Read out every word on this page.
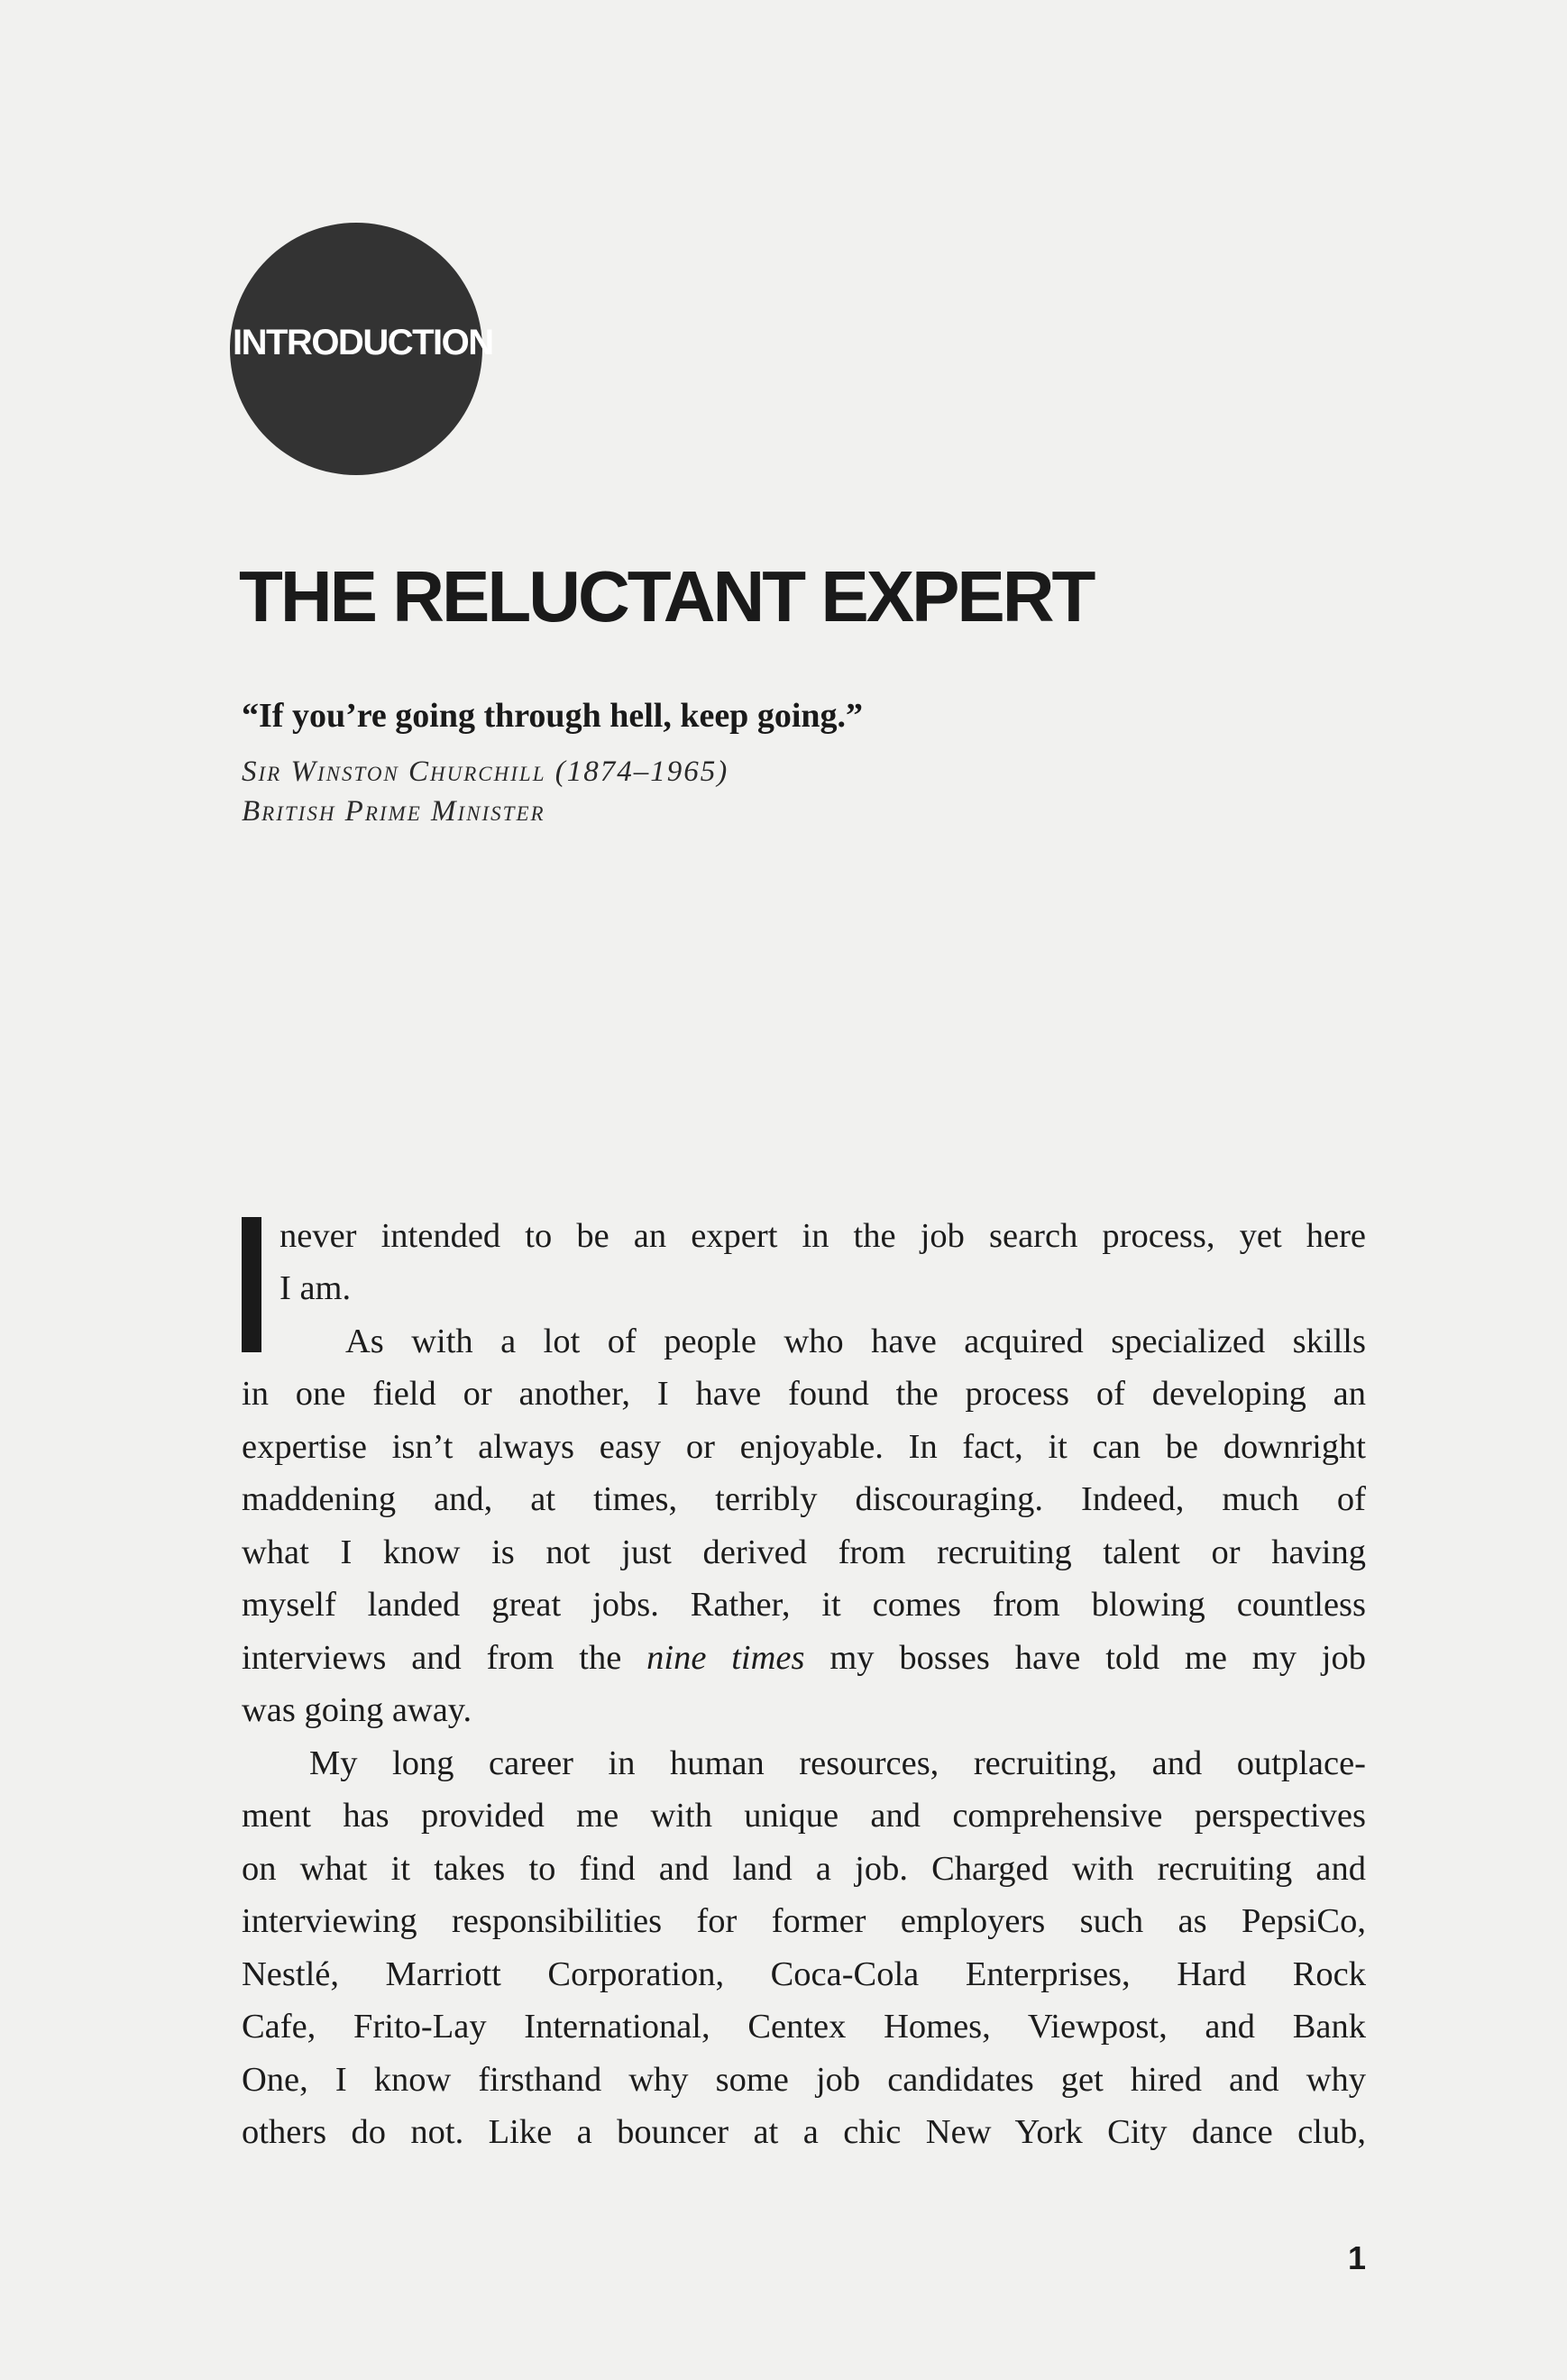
INTRODUCTION
THE RELUCTANT EXPERT
“If you’re going through hell, keep going.”
Sir Winston Churchill (1874–1965)
British Prime Minister
never intended to be an expert in the job search process, yet here
I am.
As with a lot of people who have acquired specialized skills
in one field or another, I have found the process of developing an
expertise isn’t always easy or enjoyable. In fact, it can be downright
maddening and, at times, terribly discouraging. Indeed, much of
what I know is not just derived from recruiting talent or having
myself landed great jobs. Rather, it comes from blowing countless
interviews and from the nine times my bosses have told me my job
was going away.
My long career in human resources, recruiting, and outplace-
ment has provided me with unique and comprehensive perspectives
on what it takes to find and land a job. Charged with recruiting and
interviewing responsibilities for former employers such as PepsiCo,
Nestlé, Marriott Corporation, Coca-Cola Enterprises, Hard Rock
Cafe, Frito-Lay International, Centex Homes, Viewpost, and Bank
One, I know firsthand why some job candidates get hired and why
others do not. Like a bouncer at a chic New York City dance club,
1
